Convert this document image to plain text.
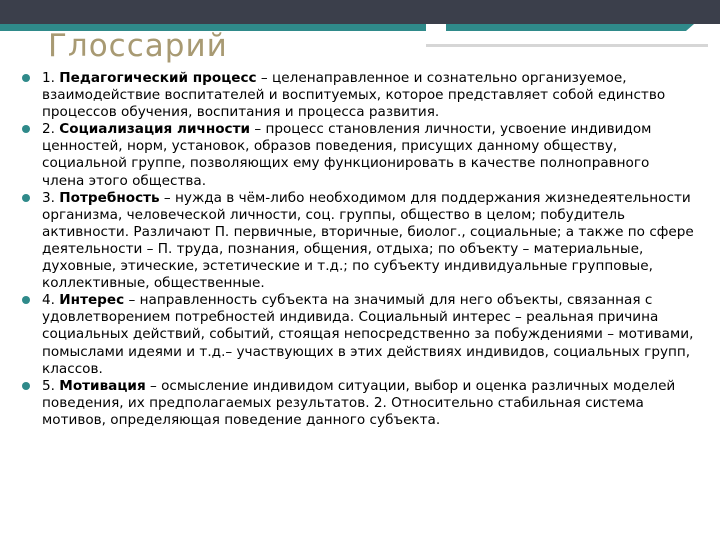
Глоссарий
1. Педагогический процесс – целенаправленное и сознательно организуемое, взаимодействие воспитателей и воспитуемых, которое представляет собой единство процессов обучения, воспитания и процесса развития.
2. Социализация личности – процесс становления личности, усвоение индивидом ценностей, норм, установок, образов поведения, присущих данному обществу, социальной группе, позволяющих ему функционировать в качестве полноправного члена этого общества.
3. Потребность – нужда в чём-либо необходимом для поддержания жизнедеятельности организма, человеческой личности, соц. группы, общество в целом; побудитель активности. Различают П. первичные, вторичные, биолог., социальные; а также по сфере деятельности – П. труда, познания, общения, отдыха; по объекту – материальные, духовные, этические, эстетические и т.д.; по субъекту индивидуальные групповые, коллективные, общественные.
4. Интерес – направленность субъекта на значимый для него объекты, связанная с удовлетворением потребностей индивида. Социальный интерес – реальная причина социальных действий, событий, стоящая непосредственно за побуждениями – мотивами, помыслами идеями и т.д.– участвующих в этих действиях индивидов, социальных групп, классов.
5. Мотивация – осмысление индивидом ситуации, выбор и оценка различных моделей поведения, их предполагаемых результатов. 2. Относительно стабильная система мотивов, определяющая поведение данного субъекта.
